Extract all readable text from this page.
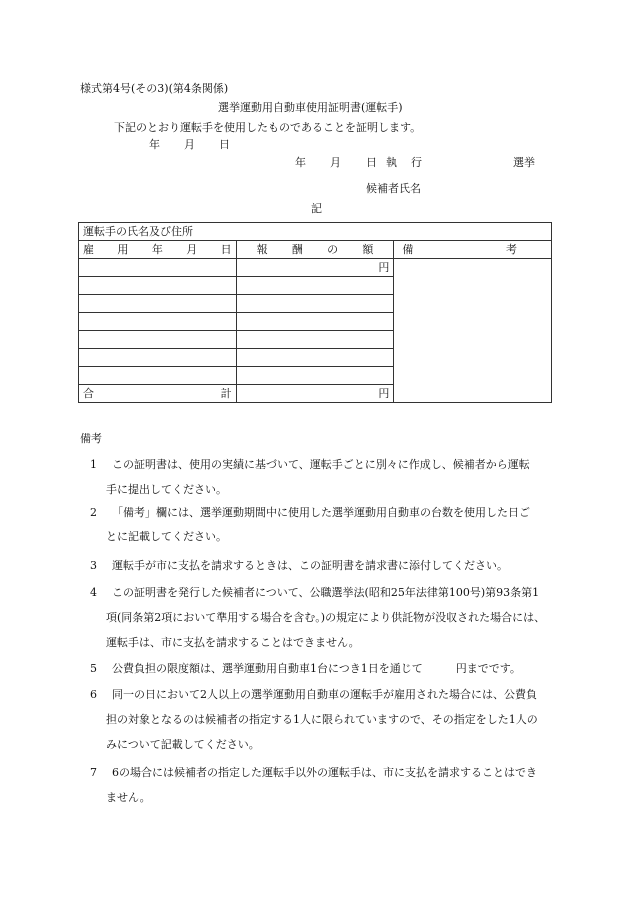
様式第4号(その3)(第4条関係)
選挙運動用自動車使用証明書(運転手)
下記のとおり運転手を使用したものであることを証明します。
年 月 日
年 月 日 執 行	選挙
候補者氏名
記
運転手の氏名及び住所		

雇 用 年 月 日	報 酬 の 額	備 考

	円	

合 計	円	
備考
1 この証明書は、使用の実績に基づいて、運転手ごとに別々に作成し、候補者から運転
手に提出してください。
2 「備考」欄には、選挙運動期間中に使用した選挙運動用自動車の台数を使用した日ご
とに記載してください。
3 運転手が市に支払を請求するときは、この証明書を請求書に添付してください。
4 この証明書を発行した候補者について、公職選挙法(昭和25年法律第100号)第93条第1
項(同条第2項において準用する場合を含む。)の規定により供託物が没収された場合には、
運転手は、市に支払を請求することはできません。
5 公費負担の限度額は、選挙運動用自動車1台につき1日を通じて　　　円までです。
6 同一の日において2人以上の選挙運動用自動車の運転手が雇用された場合には、公費負
担の対象となるのは候補者の指定する1人に限られていますので、その指定をした1人の
みについて記載してください。
7 6の場合には候補者の指定した運転手以外の運転手は、市に支払を請求することはでき
ません。
